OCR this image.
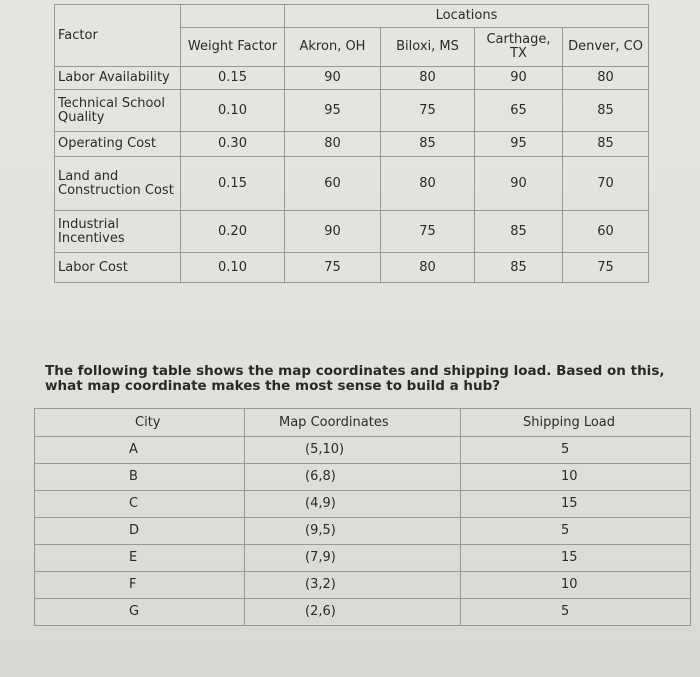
Factor		Locations			
	Weight Factor	Akron, OH	Biloxi, MS	Carthage, TX	Denver, CO
Labor Availability	0.15	90	80	90	80
Technical School Quality	0.10	95	75	65	85
Operating Cost	0.30	80	85	95	85
Land and Construction Cost	0.15	60	80	90	70
Industrial Incentives	0.20	90	75	85	60
Labor Cost	0.10	75	80	85	75
The following table shows the map coordinates and shipping load. Based on this, what map coordinate makes the most sense to build a hub?
City	Map Coordinates	Shipping Load
A	(5,10)	5
B	(6,8)	10
C	(4,9)	15
D	(9,5)	5
E	(7,9)	15
F	(3,2)	10
G	(2,6)	5
